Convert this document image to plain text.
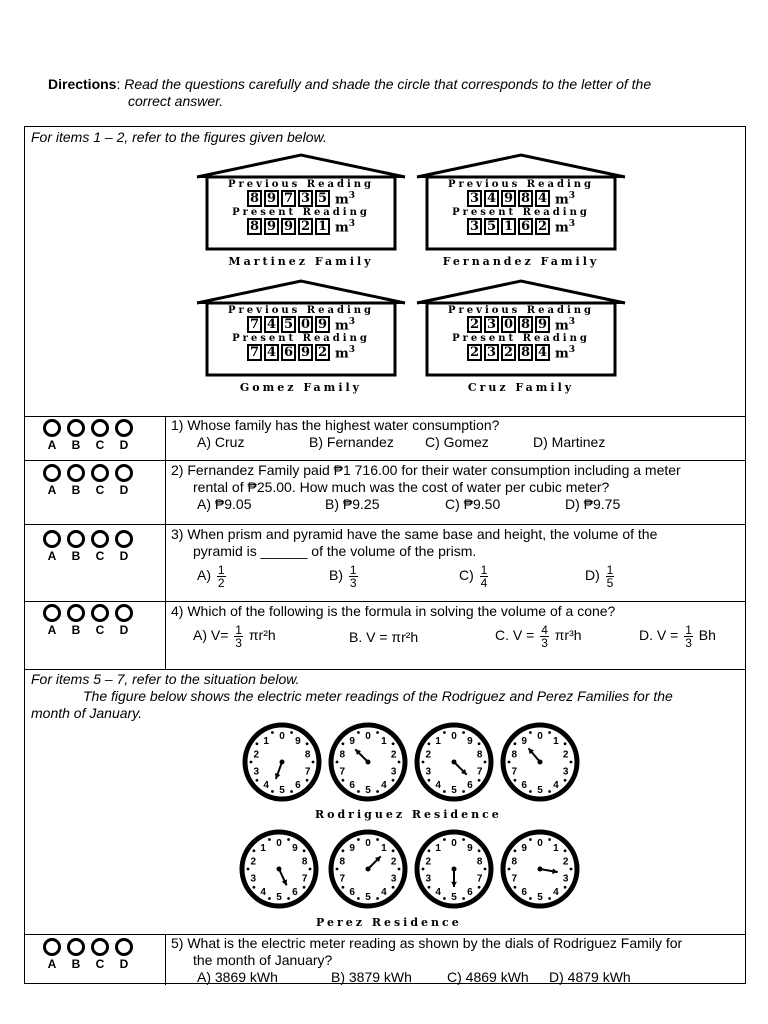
Directions: Read the questions carefully and shade the circle that corresponds to the letter of the
correct answer.
For items 1 – 2, refer to the figures given below.
Previous Reading
8 9 7 3 5 $m^3$
Present Reading
8 9 9 2 1 $m^3$
Martinez Family
Previous Reading
3 4 9 8 4 $m^3$
Present Reading
3 5 1 6 2 $m^3$
Fernandez Family
Previous Reading
7 4 5 0 9 $m^3$
Present Reading
7 4 6 9 2 $m^3$
Gomez Family
Previous Reading
2 3 0 8 9 $m^3$
Present Reading
2 3 2 8 4 $m^3$
Cruz Family
A	B	C	D
1) Whose family has the highest water consumption?
A) Cruz	B) Fernandez C) Gomez	D) Martinez
A	B	C	D
2) Fernandez Family paid ₱1 716.00 for their water consumption including a meter
rental of ₱25.00. How much was the cost of water per cubic meter?
A) ₱9.05	B) ₱9.25	C) ₱9.50	D) ₱9.75
A	B	C	D
3) When prism and pyramid have the same base and height, the volume of the
pyramid is ______ of the volume of the prism.
$A) \frac{1}{2}$	$B) \frac{1}{3}$	$C) \frac{1}{4}$	$D) \frac{1}{5}$
A	B	C	D
4) Which of the following is the formula in solving the volume of a cone?
A) $V= \frac{1}{3} \pi r^2h$	B. V = πr²h	C. $V = \frac{4}{3} \pi r^3h$	D. $V = \frac{1}{3}$ Bh
For items 5 – 7, refer to the situation below.
The figure below shows the electric meter readings of the Rodriguez and Perez Families for the
month of January.
0 9
8
7
6
5
4
3
2
1	0 1
2
3
4
5
6
7
8
9	0 9
8
7
6
5
4
3
2
1	0 1
2
3
4
5
6
7
8
9
0 9
8
7
6
5
4
3
2
1	0 1
2
3
4
5
6
7
8
9	0 9
8
7
6
5
4
3
2
1	0 1
2
3
4
5
6
7
8
9
Rodriguez Residence
Perez Residence
A	B	C	D
5) What is the electric meter reading as shown by the dials of Rodriguez Family for
the month of January?
A) 3869 kWh	B) 3879 kWh	C) 4869 kWh D) 4879 kWh
